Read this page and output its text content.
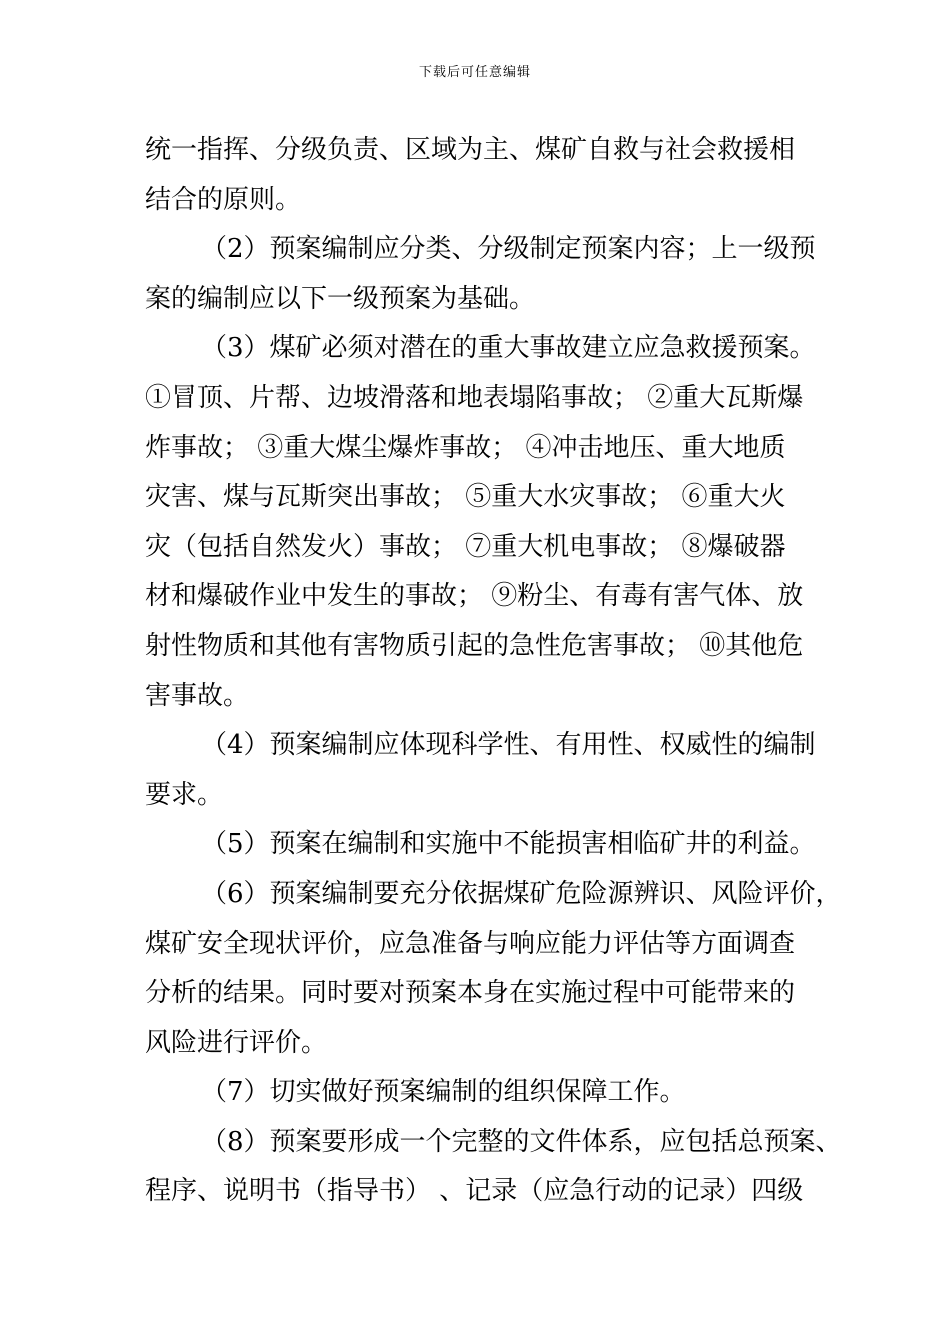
下载后可任意编辑
统一指挥、分级负责、区域为主、煤矿自救与社会救援相
结合的原则。
（2）预案编制应分类、分级制定预案内容；上一级预
案的编制应以下一级预案为基础。
（3）煤矿必须对潜在的重大事故建立应急救援预案。
①冒顶、片帮、边坡滑落和地表塌陷事故； ②重大瓦斯爆
炸事故； ③重大煤尘爆炸事故； ④冲击地压、重大地质
灾害、煤与瓦斯突出事故； ⑤重大水灾事故； ⑥重大火
灾（包括自然发火）事故； ⑦重大机电事故； ⑧爆破器
材和爆破作业中发生的事故； ⑨粉尘、有毒有害气体、放
射性物质和其他有害物质引起的急性危害事故； ⑩其他危
害事故。
（4）预案编制应体现科学性、有用性、权威性的编制
要求。
（5）预案在编制和实施中不能损害相临矿井的利益。
（6）预案编制要充分依据煤矿危险源辨识、风险评价，
煤矿安全现状评价，应急准备与响应能力评估等方面调查
分析的结果。同时要对预案本身在实施过程中可能带来的
风险进行评价。
（7）切实做好预案编制的组织保障工作。
（8）预案要形成一个完整的文件体系，应包括总预案、
程序、说明书（指导书） 、记录（应急行动的记录）四级
